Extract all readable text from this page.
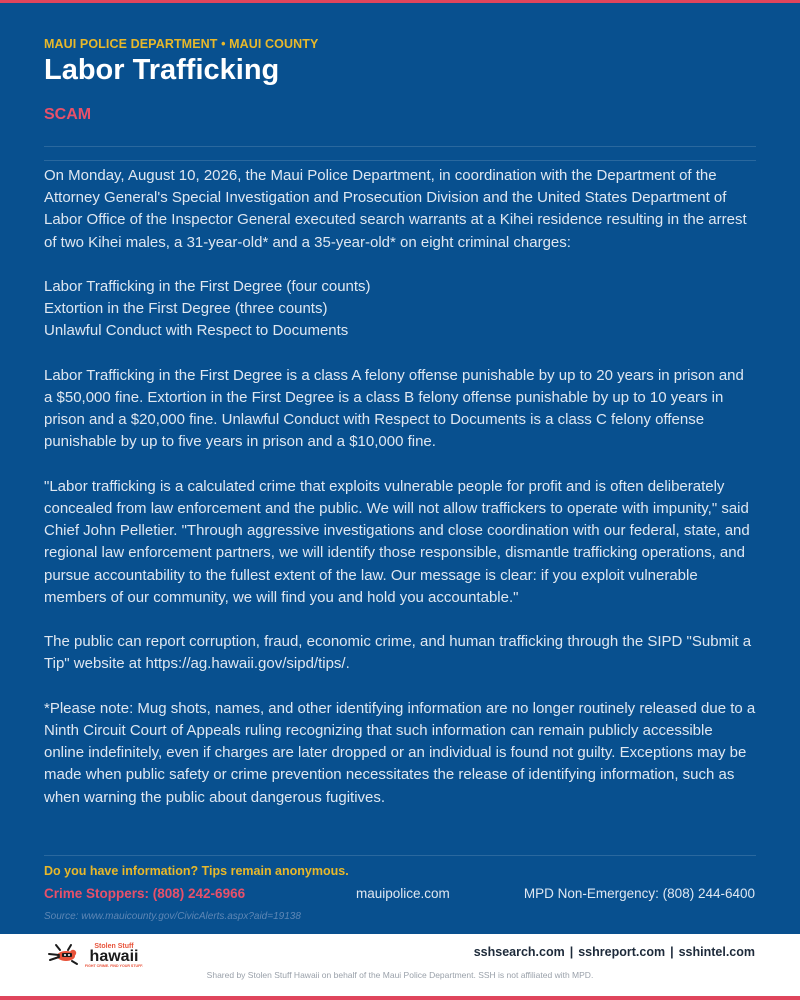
MAUI POLICE DEPARTMENT • MAUI COUNTY
Labor Trafficking
SCAM

On Monday, August 10, 2026, the Maui Police Department, in coordination with the Department of the Attorney General's Special Investigation and Prosecution Division and the United States Department of Labor Office of the Inspector General executed search warrants at a Kihei residence resulting in the arrest of two Kihei males, a 31-year-old* and a 35-year-old* on eight criminal charges:

Labor Trafficking in the First Degree (four counts)
Extortion in the First Degree (three counts)
Unlawful Conduct with Respect to Documents

Labor Trafficking in the First Degree is a class A felony offense punishable by up to 20 years in prison and a $50,000 fine. Extortion in the First Degree is a class B felony offense punishable by up to 10 years in prison and a $20,000 fine. Unlawful Conduct with Respect to Documents is a class C felony offense punishable by up to five years in prison and a $10,000 fine.

"Labor trafficking is a calculated crime that exploits vulnerable people for profit and is often deliberately concealed from law enforcement and the public. We will not allow traffickers to operate with impunity," said Chief John Pelletier. "Through aggressive investigations and close coordination with our federal, state, and regional law enforcement partners, we will identify those responsible, dismantle trafficking operations, and pursue accountability to the fullest extent of the law. Our message is clear: if you exploit vulnerable members of our community, we will find you and hold you accountable."

The public can report corruption, fraud, economic crime, and human trafficking through the SIPD "Submit a Tip" website at https://ag.hawaii.gov/sipd/tips/.

*Please note: Mug shots, names, and other identifying information are no longer routinely released due to a Ninth Circuit Court of Appeals ruling recognizing that such information can remain publicly accessible online indefinitely, even if charges are later dropped or an individual is found not guilty. Exceptions may be made when public safety or crime prevention necessitates the release of identifying information, such as when warning the public about dangerous fugitives.

Do you have information? Tips remain anonymous.
Crime Stoppers: (808) 242-6966	mauipolice.com	MPD Non-Emergency: (808) 244-6400
Source: www.mauicounty.gov/CivicAlerts.aspx?aid=19138
Stolen Stuff
hawaii
FIGHT CRIME. FIND YOUR STUFF.
sshsearch.com | sshreport.com | sshintel.com
Shared by Stolen Stuff Hawaii on behalf of the Maui Police Department. SSH is not affiliated with MPD.
